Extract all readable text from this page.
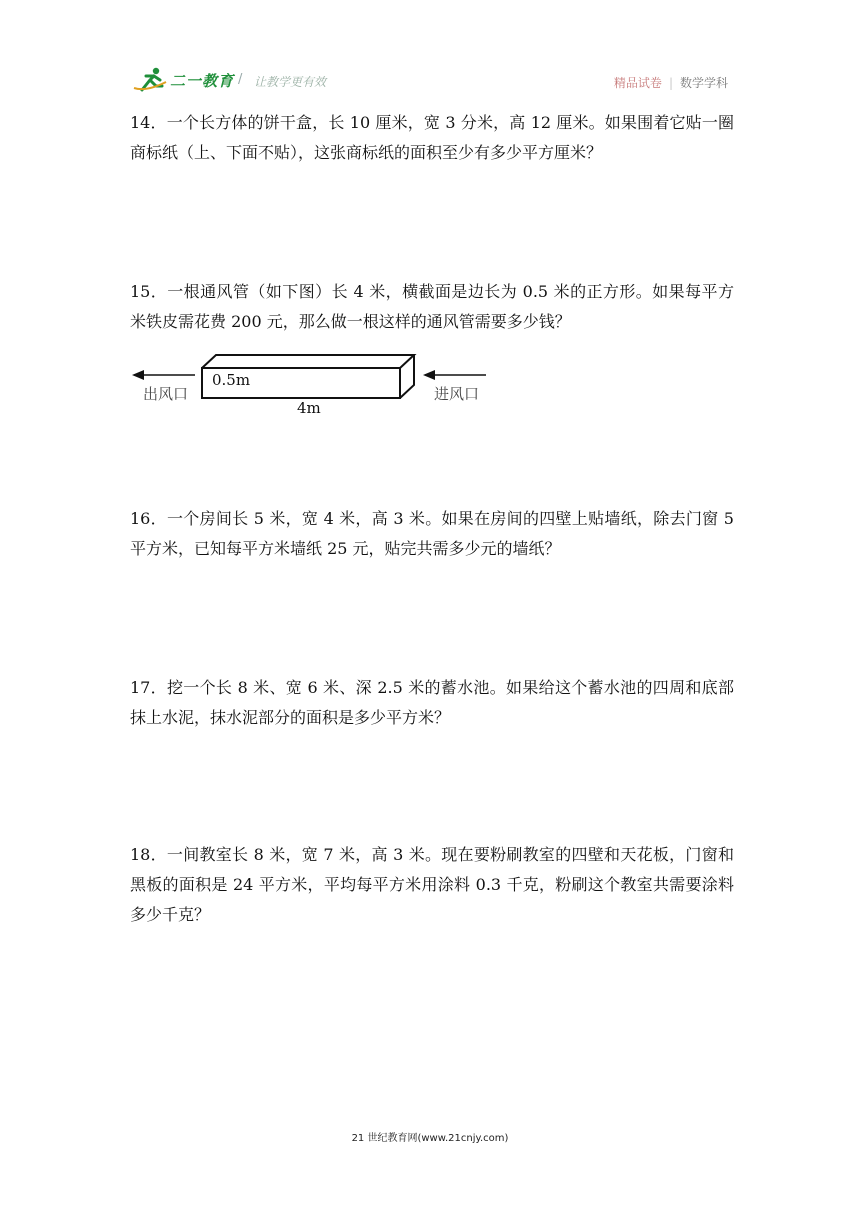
二一教育 / 让教学更有效	精品试卷 | 数学学科
14．一个长方体的饼干盒，长 10 厘米，宽 3 分米，高 12 厘米。如果围着它贴一圈商标纸（上、下面不贴），这张商标纸的面积至少有多少平方厘米？
15．一根通风管（如下图）长 4 米，横截面是边长为 0.5 米的正方形。如果每平方米铁皮需花费 200 元，那么做一根这样的通风管需要多少钱？
出风口	进风口
0.5m
4m
16．一个房间长 5 米，宽 4 米，高 3 米。如果在房间的四壁上贴墙纸，除去门窗 5 平方米，已知每平方米墙纸 25 元，贴完共需多少元的墙纸？
17．挖一个长 8 米、宽 6 米、深 2.5 米的蓄水池。如果给这个蓄水池的四周和底部抹上水泥，抹水泥部分的面积是多少平方米？
18．一间教室长 8 米，宽 7 米，高 3 米。现在要粉刷教室的四壁和天花板，门窗和黑板的面积是 24 平方米，平均每平方米用涂料 0.3 千克，粉刷这个教室共需要涂料多少千克？
21 世纪教育网(www.21cnjy.com)
